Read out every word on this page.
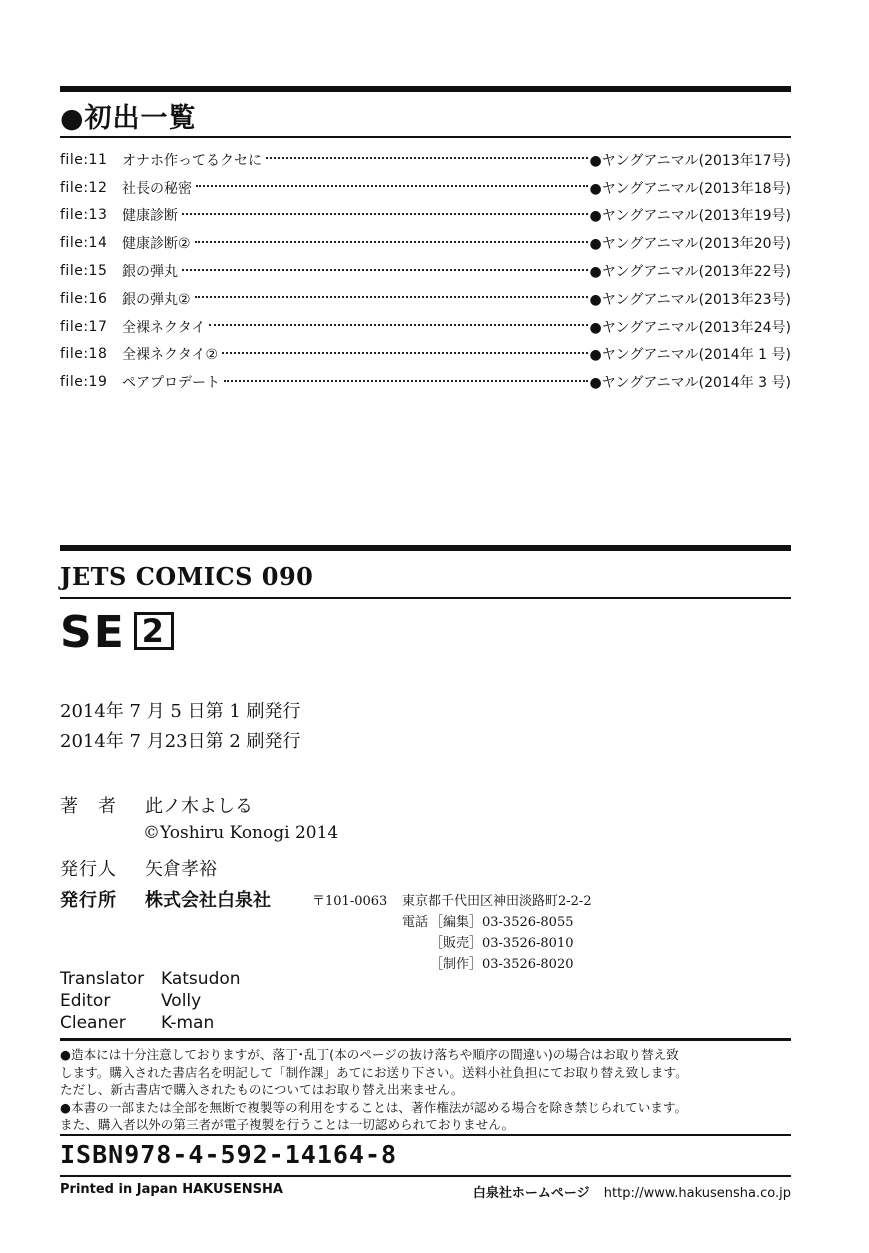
●初出一覧
file:11	オナホ作ってるクセに	●ヤングアニマル(2013年17号)
file:12	社長の秘密	●ヤングアニマル(2013年18号)
file:13	健康診断	●ヤングアニマル(2013年19号)
file:14	健康診断②	●ヤングアニマル(2013年20号)
file:15	銀の弾丸	●ヤングアニマル(2013年22号)
file:16	銀の弾丸②	●ヤングアニマル(2013年23号)
file:17	全裸ネクタイ	●ヤングアニマル(2013年24号)
file:18	全裸ネクタイ②	●ヤングアニマル(2014年 1 号)
file:19	ペアプロデート	●ヤングアニマル(2014年 3 号)
JETS COMICS 090
SE 2
2014年 7 月 5 日第 1 刷発行
2014年 7 月23日第 2 刷発行
著　者 此ノ木よしる
©Yoshiru Konogi 2014
発行人 矢倉孝裕
発行所 株式会社白泉社	〒101-0063 東京都千代田区神田淡路町2-2-2
電話 ［編集］03-3526-8055
［販売］03-3526-8010
［制作］03-3526-8020
Translator Katsudon
Editor	Volly
Cleaner K-man

●造本には十分注意しておりますが、落丁･乱丁(本のページの抜け落ちや順序の間違い)の場合はお取り替え致

します。購入された書店名を明記して「制作課」あてにお送り下さい。送料小社負担にてお取り替え致します。

ただし、新古書店で購入されたものについてはお取り替え出来ません。

●本書の一部または全部を無断で複製等の利用をすることは、著作権法が認める場合を除き禁じられています。

また、購入者以外の第三者が電子複製を行うことは一切認められておりません。

ISBN978-4-592-14164-8
Printed in Japan HAKUSENSHA	白泉社ホームページ http://www.hakusensha.co.jp
